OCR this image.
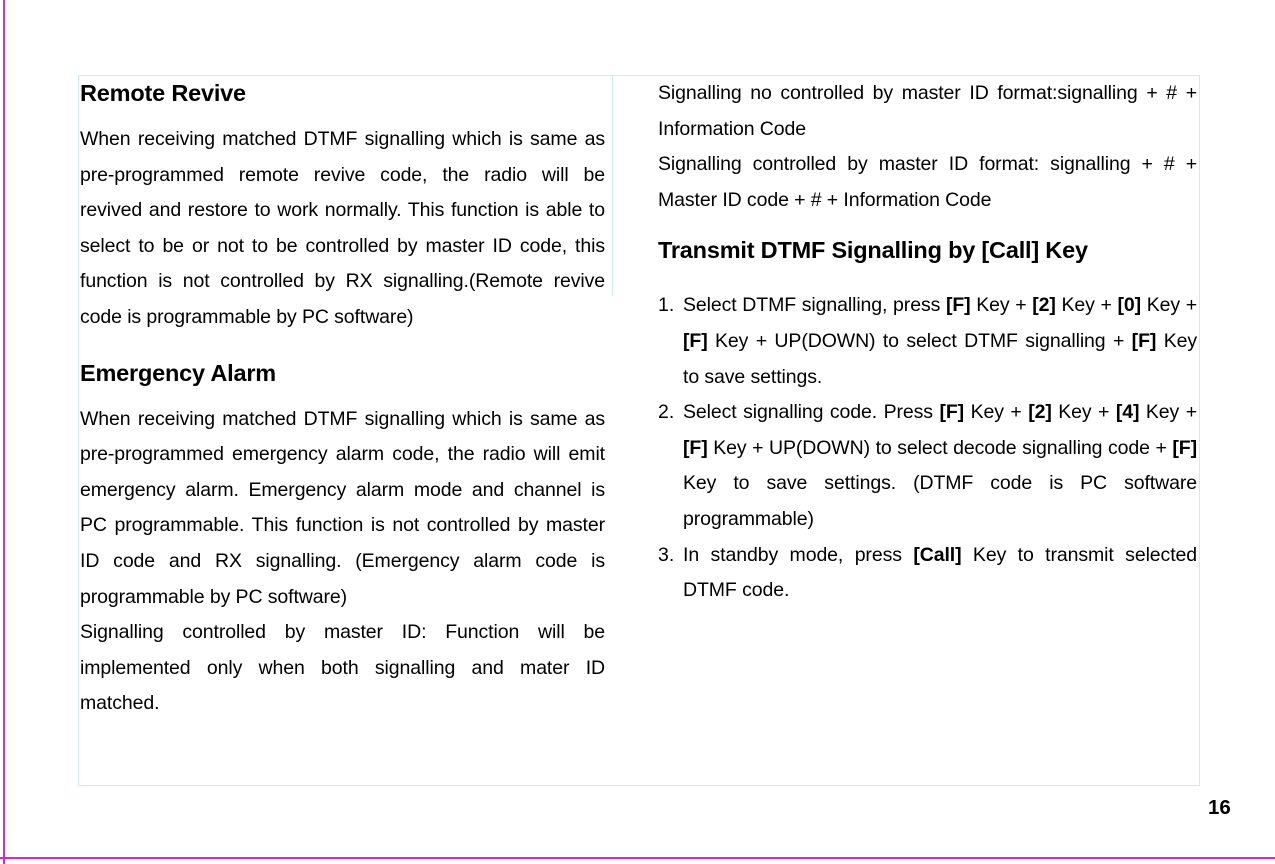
Remote Revive

When receiving matched DTMF signalling which is same as pre-programmed remote revive code, the radio will be revived and restore to work normally. This function is able to select to be or not to be controlled by master ID code, this function is not controlled by RX signalling.(Remote revive code is programmable by PC software)

Emergency Alarm

When receiving matched DTMF signalling which is same as pre-programmed emergency alarm code, the radio will emit emergency alarm. Emergency alarm mode and channel is PC programmable. This function is not controlled by master ID code and RX signalling. (Emergency alarm code is programmable by PC software)

Signalling controlled by master ID: Function will be implemented only when both signalling and mater ID matched.

Signalling no controlled by master ID format:signalling + # + Information Code

Signalling controlled by master ID format: signalling + # + Master ID code + # + Information Code

Transmit DTMF Signalling by [Call] Key
1. Select DTMF signalling, press [F] Key + [2] Key + [0] Key + [F] Key + UP(DOWN) to select DTMF signalling + [F] Key to save settings.
2. Select signalling code. Press [F] Key + [2] Key + [4] Key + [F] Key + UP(DOWN) to select decode signalling code + [F] Key to save settings. (DTMF code is PC software programmable)
3. In standby mode, press [Call] Key to transmit selected DTMF code.
16
